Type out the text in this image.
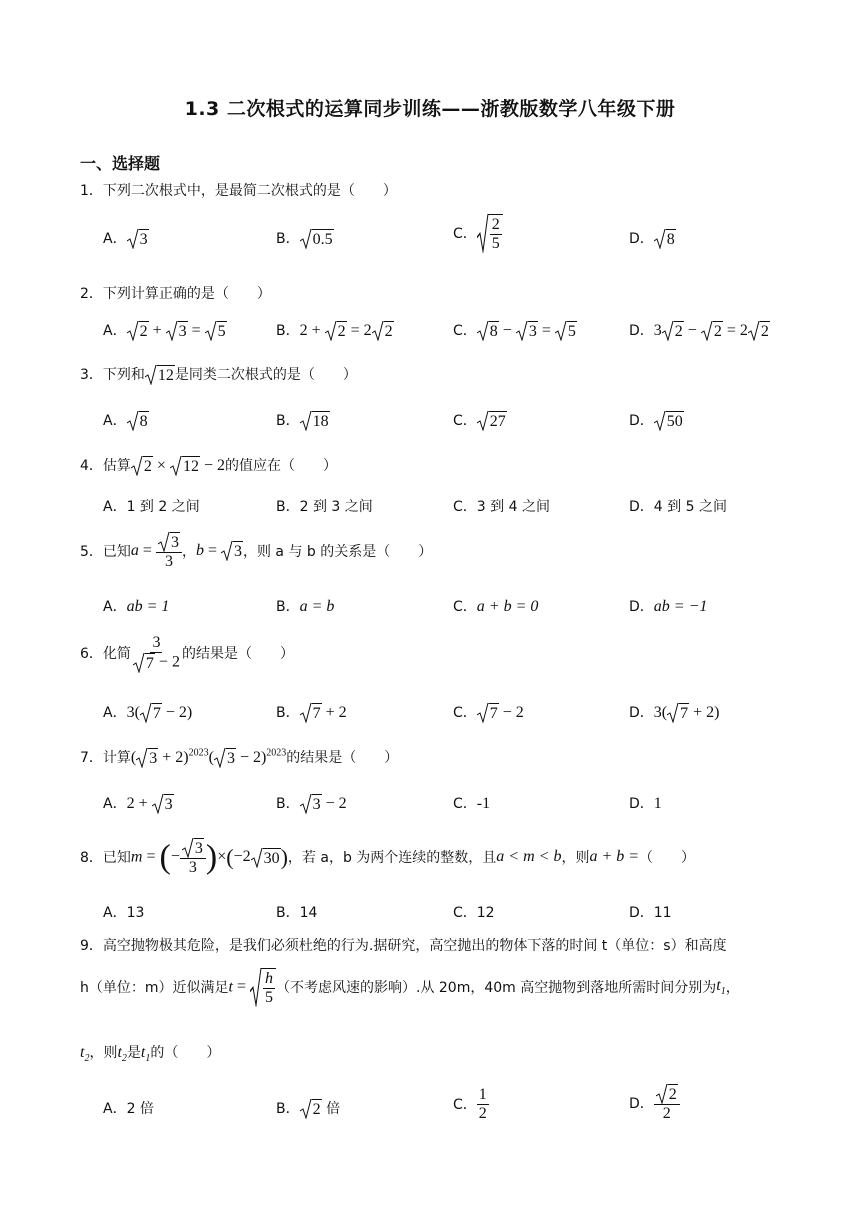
1.3 二次根式的运算同步训练——浙教版数学八年级下册
一、选择题
1．下列二次根式中，是最简二次根式的是（　　）
A． 3	B． 0.5	C． $\frac{2}{5}$	D． 8
2．下列计算正确的是（　　）
A． 2 + 3 = 5	B．2 + 2 = 2 2	C． 8 − 3 = 5	D．3 2 − 2 = 2 2
3．下列和 12 是同类二次根式的是（　　）
A． 8	B． 18	C． 27	D． 50
4．估算 2 × 12 − 2的值应在（　　）
A．1 到 2 之间	B．2 到 3 之间	C．3 到 4 之间	D．4 到 5 之间
5．已知$a = \frac{3}{3}$ ，b = 3 ，则 a 与 b 的关系是（　　）
A．ab = 1	B．a = b	C．a + b = 0	D．ab = −1
6．化简 $\frac{3}{7 - 2}$ 的结果是（　　）
A．3( 7 − 2)	B． 7 + 2	C． 7 − 2	D．3( 7 + 2)
7．计算( 3 + 2)$^{2023}$( 3 − 2)$^{2023}$的结果是（　　）
A．2 + 3	B． 3 − 2	C．-1	D．1
8．已知m = (− $\frac{3}{3} )\times(-2$ 30 )，若 a，b 为两个连续的整数，且a < m < b，则a + b =（　　）
A．13	B．14	C．12	D．11
9．高空抛物极其危险，是我们必须杜绝的行为.据研究，高空抛出的物体下落的时间 t（单位：s）和高度
h（单位：m）近似满足$t = \frac{h}{5}$ （不考虑风速的影响）.从 20m，40m 高空抛物到落地所需时间分别为$t_1$，
$t_2$，则$t_2$是$t_1$的（　　）
A．2 倍	B． 2 倍	C． $\frac{1}{2}$	D． $\frac{2}{2}$
